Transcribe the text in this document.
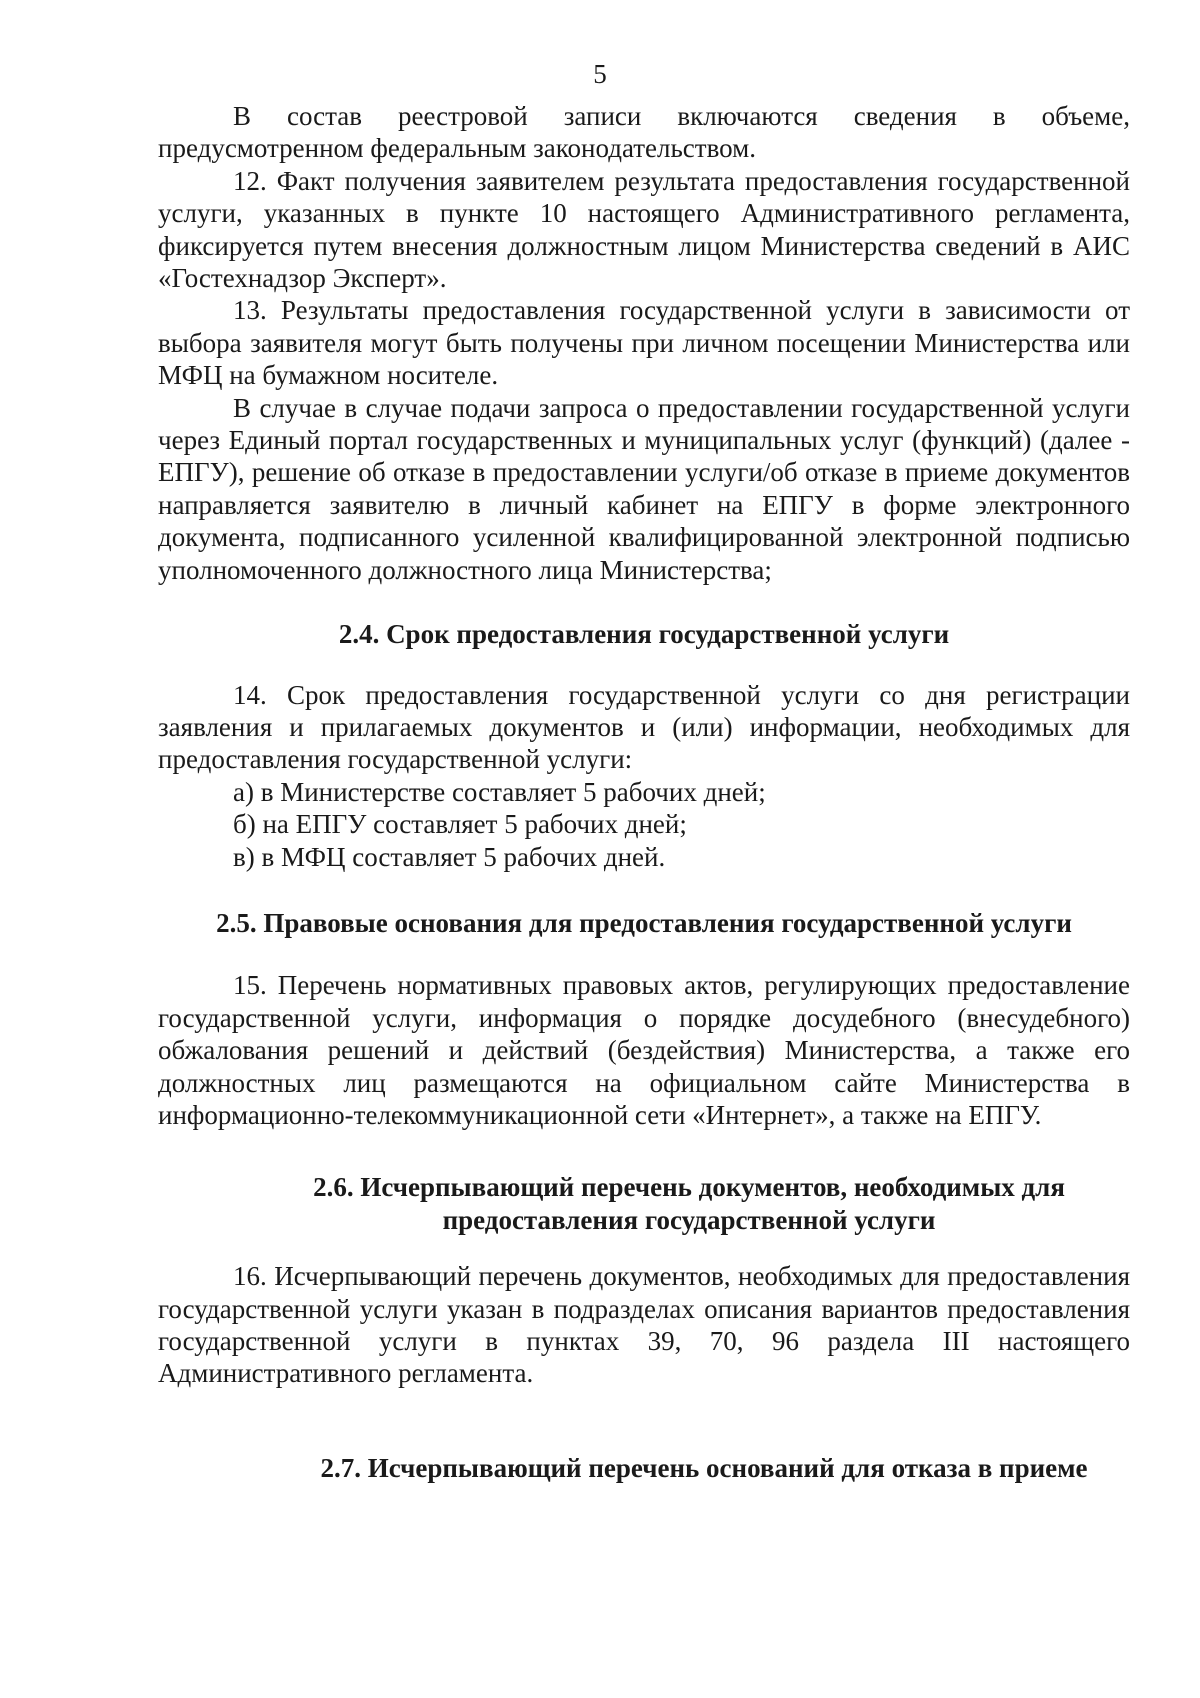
5

В состав реестровой записи включаются сведения в объеме, предусмотренном федеральным законодательством.

12. Факт получения заявителем результата предоставления государственной услуги, указанных в пункте 10 настоящего Административного регламента, фиксируется путем внесения должностным лицом Министерства сведений в АИС «Гостехнадзор Эксперт».

13. Результаты предоставления государственной услуги в зависимости от выбора заявителя могут быть получены при личном посещении Министерства или МФЦ на бумажном носителе.

В случае в случае подачи запроса о предоставлении государственной услуги через Единый портал государственных и муниципальных услуг (функций) (далее - ЕПГУ), решение об отказе в предоставлении услуги/об отказе в приеме документов направляется заявителю в личный кабинет на ЕПГУ в форме электронного документа, подписанного усиленной квалифицированной электронной подписью уполномоченного должностного лица Министерства;

2.4. Срок предоставления государственной услуги

14. Срок предоставления государственной услуги со дня регистрации заявления и прилагаемых документов и (или) информации, необходимых для предоставления государственной услуги:

а) в Министерстве составляет 5 рабочих дней;

б) на ЕПГУ составляет 5 рабочих дней;

в) в МФЦ составляет 5 рабочих дней.

2.5. Правовые основания для предоставления государственной услуги

15. Перечень нормативных правовых актов, регулирующих предоставление государственной услуги, информация о порядке досудебного (внесудебного) обжалования решений и действий (бездействия) Министерства, а также его должностных лиц размещаются на официальном сайте Министерства в информационно-телекоммуникационной сети «Интернет», а также на ЕПГУ.

2.6. Исчерпывающий перечень документов, необходимых для предоставления государственной услуги

16. Исчерпывающий перечень документов, необходимых для предоставления государственной услуги указан в подразделах описания вариантов предоставления государственной услуги в пунктах 39, 70, 96 раздела III настоящего Административного регламента.

2.7. Исчерпывающий перечень оснований для отказа в приеме
